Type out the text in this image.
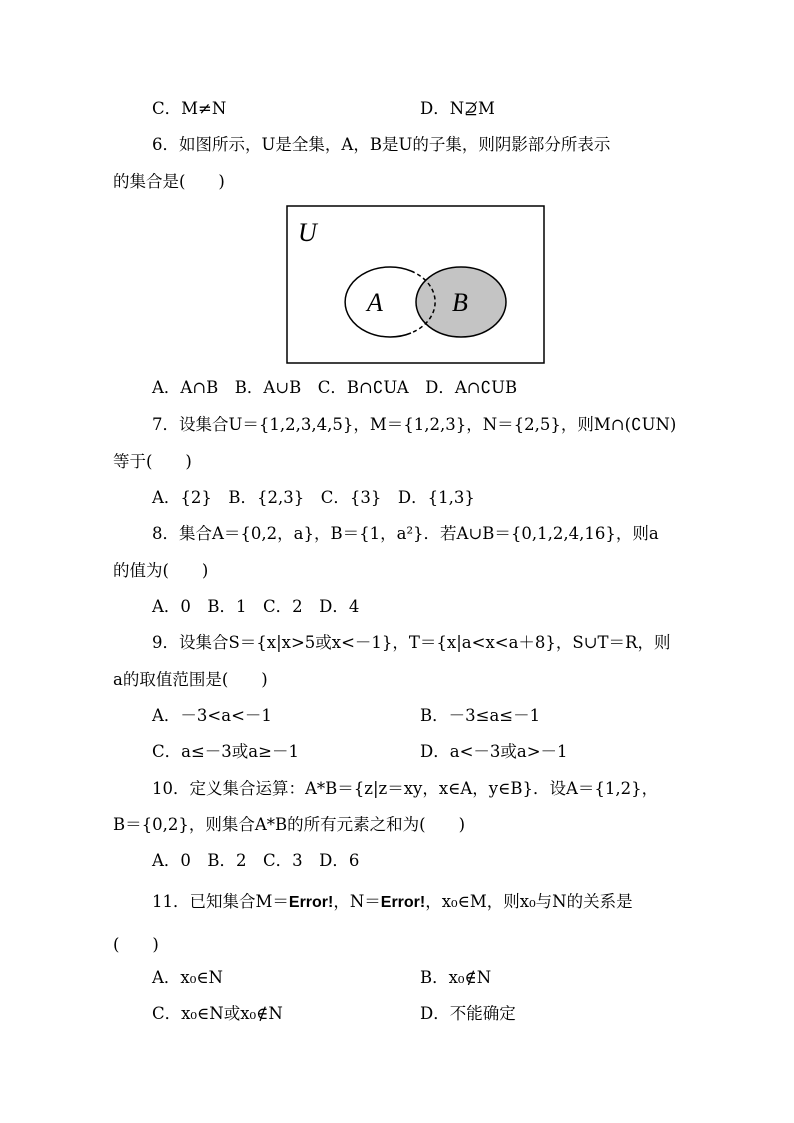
C．M≠N	D．N⊉M
6．如图所示，U是全集，A，B是U的子集，则阴影部分所表示
的集合是(　　)
U
A	B
A．A∩B　B．A∪B　C．B∩∁UA　D．A∩∁UB
7．设集合U＝{1,2,3,4,5}，M＝{1,2,3}，N＝{2,5}，则M∩(∁UN)
等于(　　)
A．{2}　B．{2,3}　C．{3}　D．{1,3}
8．集合A＝{0,2，a}，B＝{1，a²}．若A∪B＝{0,1,2,4,16}，则a
的值为(　　)
A．0　B．1　C．2　D．4
9．设集合S＝{x|x>5或x<－1}，T＝{x|a<x<a＋8}，S∪T＝R，则
a的取值范围是(　　)
A．－3<a<－1	B．－3≤a≤－1
C．a≤－3或a≥－1	D．a<－3或a>－1
10．定义集合运算：A*B＝{z|z＝xy，x∈A，y∈B}．设A＝{1,2}，
B＝{0,2}，则集合A*B的所有元素之和为(　　)
A．0　B．2　C．3　D．6
11．已知集合M＝Error!，N＝Error!，x₀∈M，则x₀与N的关系是
(　　)
A．x₀∈N	B．x₀∉N
C．x₀∈N或x₀∉N	D．不能确定
